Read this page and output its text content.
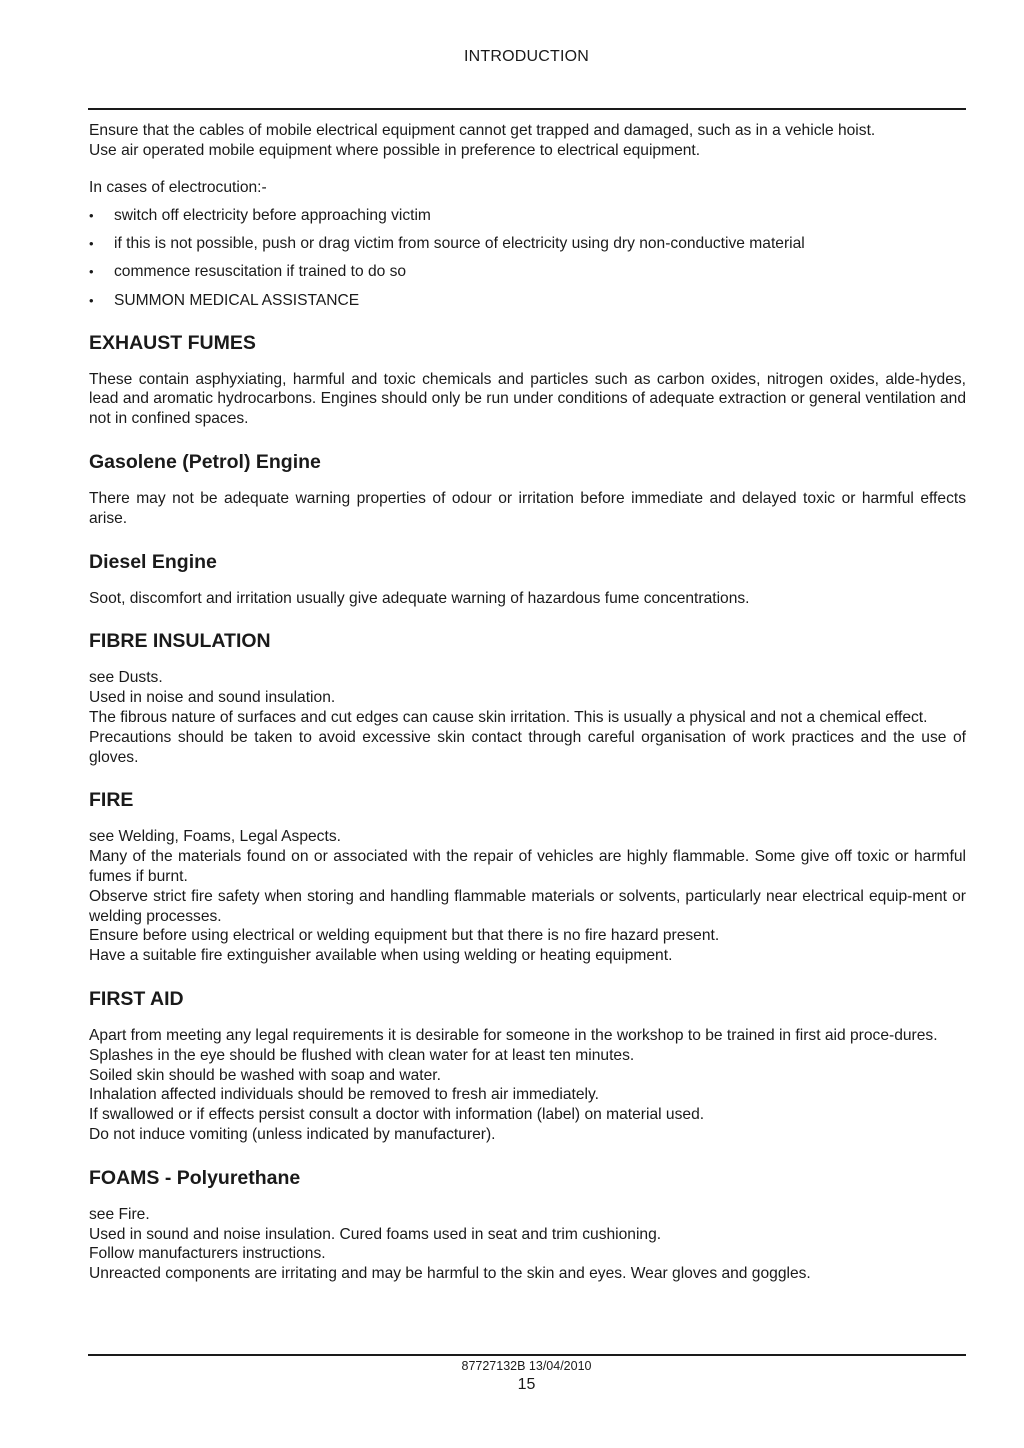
INTRODUCTION

Ensure that the cables of mobile electrical equipment cannot get trapped and damaged, such as in a vehicle hoist.

Use air operated mobile equipment where possible in preference to electrical equipment.

In cases of electrocution:-

• switch off electricity before approaching victim
• if this is not possible, push or drag victim from source of electricity using dry non-conductive material
• commence resuscitation if trained to do so
• SUMMON MEDICAL ASSISTANCE
EXHAUST FUMES

These contain asphyxiating, harmful and toxic chemicals and particles such as carbon oxides, nitrogen oxides, alde-hydes, lead and aromatic hydrocarbons. Engines should only be run under conditions of adequate extraction or general ventilation and not in confined spaces.

Gasolene (Petrol) Engine

There may not be adequate warning properties of odour or irritation before immediate and delayed toxic or harmful effects arise.

Diesel Engine

Soot, discomfort and irritation usually give adequate warning of hazardous fume concentrations.

FIBRE INSULATION

see Dusts.

Used in noise and sound insulation.

The fibrous nature of surfaces and cut edges can cause skin irritation. This is usually a physical and not a chemical effect.

Precautions should be taken to avoid excessive skin contact through careful organisation of work practices and the use of gloves.

FIRE

see Welding, Foams, Legal Aspects.

Many of the materials found on or associated with the repair of vehicles are highly flammable. Some give off toxic or harmful fumes if burnt.

Observe strict fire safety when storing and handling flammable materials or solvents, particularly near electrical equip-ment or welding processes.

Ensure before using electrical or welding equipment but that there is no fire hazard present.

Have a suitable fire extinguisher available when using welding or heating equipment.

FIRST AID

Apart from meeting any legal requirements it is desirable for someone in the workshop to be trained in first aid proce-dures.

Splashes in the eye should be flushed with clean water for at least ten minutes.

Soiled skin should be washed with soap and water.

Inhalation affected individuals should be removed to fresh air immediately.

If swallowed or if effects persist consult a doctor with information (label) on material used.

Do not induce vomiting (unless indicated by manufacturer).

FOAMS - Polyurethane

see Fire.

Used in sound and noise insulation. Cured foams used in seat and trim cushioning.

Follow manufacturers instructions.

Unreacted components are irritating and may be harmful to the skin and eyes. Wear gloves and goggles.

87727132B 13/04/2010
15
